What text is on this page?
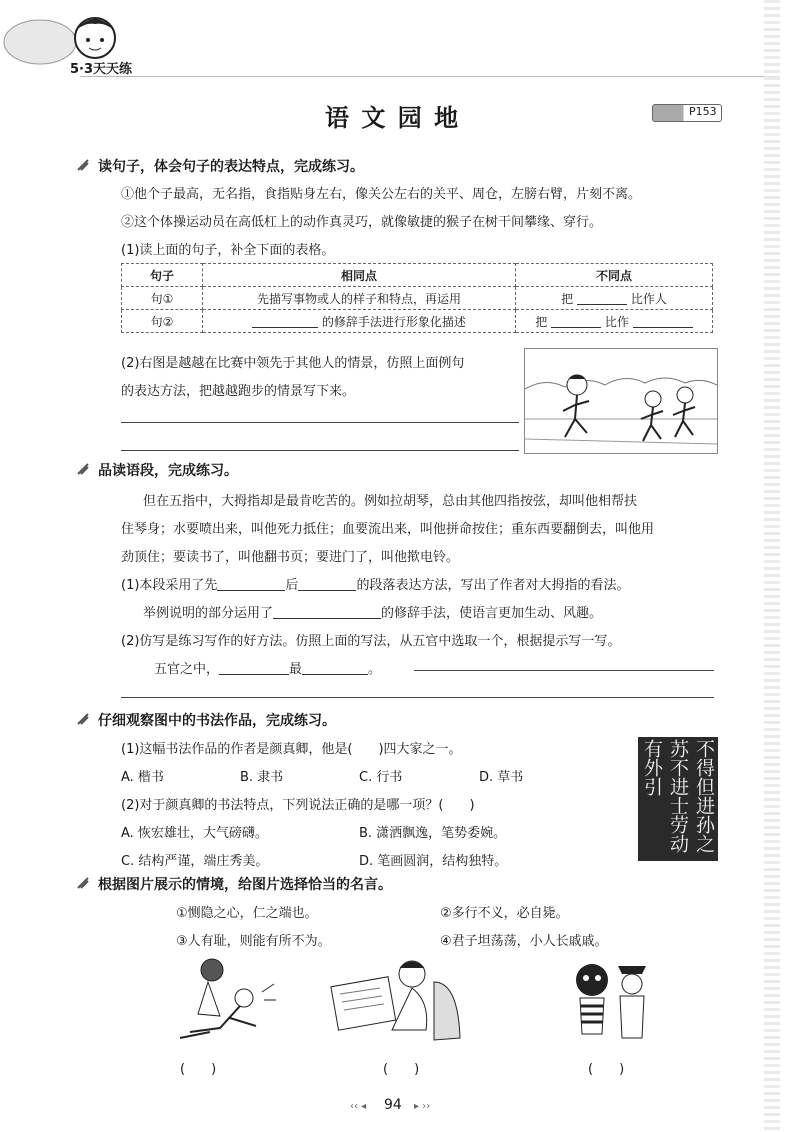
5·3天天练
语 文 园 地	P153
读句子，体会句子的表达特点，完成练习。
①他个子最高，无名指，食指贴身左右，像关公左右的关平、周仓，左膀右臂，片刻不离。
②这个体操运动员在高低杠上的动作真灵巧，就像敏捷的猴子在树干间攀缘、穿行。
(1)读上面的句子，补全下面的表格。
句子	相同点	不同点
句①	先描写事物或人的样子和特点，再运用	把 比作人
句②	的修辞手法进行形象化描述	把 比作
(2)右图是越越在比赛中领先于其他人的情景，仿照上面例句
的表达方法，把越越跑步的情景写下来。
品读语段，完成练习。
但在五指中，大拇指却是最肯吃苦的。例如拉胡琴，总由其他四指按弦，却叫他相帮扶
住琴身；水要喷出来，叫他死力抵住；血要流出来，叫他拼命按住；重东西要翻倒去，叫他用
劲顶住；要读书了，叫他翻书页；要进门了，叫他揿电铃。
(1)本段采用了先	后	的段落表达方法，写出了作者对大拇指的看法。
举例说明的部分运用了	的修辞手法，使语言更加生动、风趣。
(2)仿写是练习写作的好方法。仿照上面的写法，从五官中选取一个，根据提示写一写。
五官之中，	最	。
仔细观察图中的书法作品，完成练习。
(1)这幅书法作品的作者是颜真卿，他是(　　)四大家之一。
A. 楷书	B. 隶书	C. 行书	D. 草书
(2)对于颜真卿的书法特点，下列说法正确的是哪一项？(　　)
A. 恢宏雄壮，大气磅礴。	B. 潇洒飘逸，笔势委婉。
C. 结构严谨，端庄秀美。	D. 笔画圆润，结构独特。
不得但进孙之苏不进士劳动有外引
根据图片展示的情境，给图片选择恰当的名言。
①恻隐之心，仁之端也。	②多行不义，必自毙。
③人有耻，则能有所不为。	④君子坦荡荡，小人长戚戚。
(　　)	(　　)	(　　)
‹‹ ◂ 94 ▸ ››
